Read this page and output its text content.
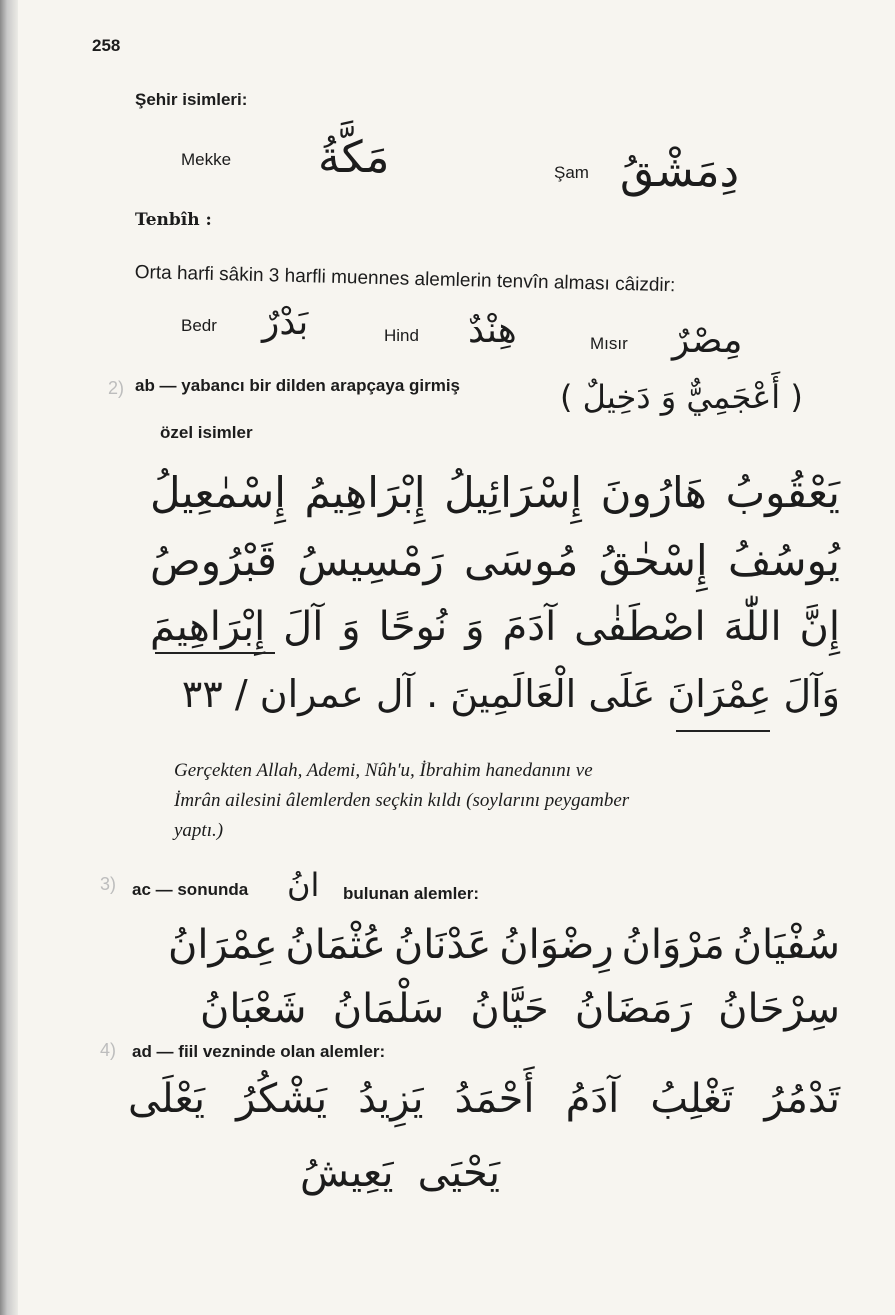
258
Şehir isimleri:
Mekke مَكَّةُ	Şam دِمَشْقُ
Tenbîh :
Orta harfi sâkin 3 harfli muennes alemlerin tenvîn alması câizdir:
Bedr بَدْرٌ	Hind هِنْدٌ	Mısır مِصْرٌ
2) ab — yabancı bir dilden arapçaya girmiş	( أَعْجَمِيٌّ وَ دَخِيلٌ )
özel isimler
يَعْقُوبُ
هَارُونَ
إِسْرَائِيلُ
إِبْرَاهِيمُ
إِسْمٰعِيلُ
يُوسُفُ
إِسْحٰقُ
مُوسَى
رَمْسِيسُ
قَبْرُوصُ
إِنَّ اللّٰهَ اصْطَفٰى آدَمَ وَ نُوحًا وَ آلَ إِبْرَاهِيمَ
وَآلَ عِمْرَانَ عَلَى الْعَالَمِينَ . آل عمران / ٣٣
Gerçekten Allah, Ademi, Nûh'u, İbrahim hanedanını ve
İmrân ailesini âlemlerden seçkin kıldı (soylarını peygamber
yaptı.)
3) ac — sonunda انُ bulunan alemler:
سُفْيَانُ
مَرْوَانُ
رِضْوَانُ
عَدْنَانُ
عُثْمَانُ
عِمْرَانُ
سِرْحَانُ
رَمَضَانُ
حَيَّانُ
سَلْمَانُ
شَعْبَانُ
4) ad — fiil vezninde olan alemler:
تَدْمُرُ
تَغْلِبُ
آدَمُ
أَحْمَدُ
يَزِيدُ
يَشْكُرُ
يَعْلَى
يَحْيَى
يَعِيشُ
